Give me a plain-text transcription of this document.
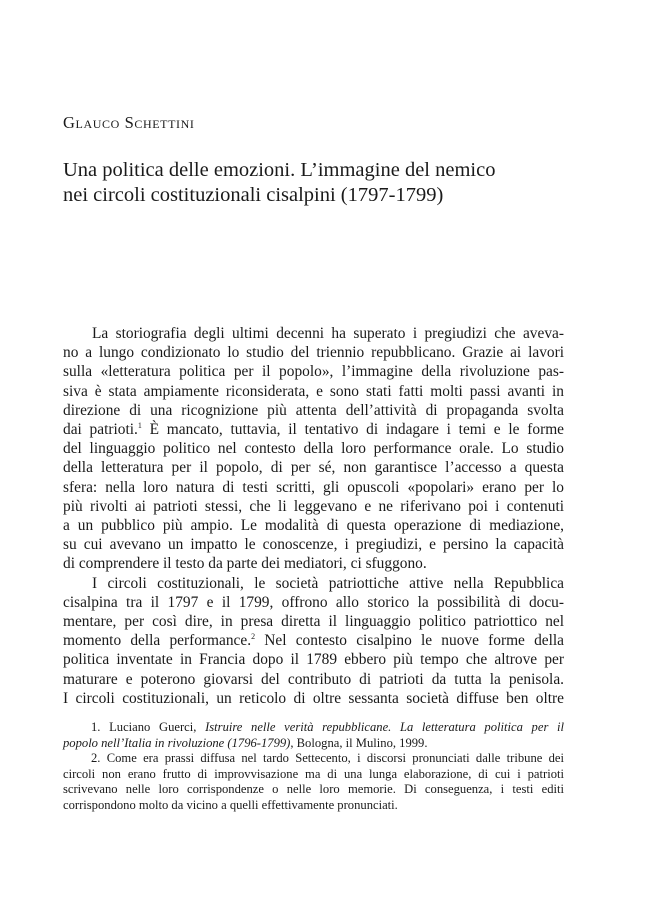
Glauco Schettini
Una politica delle emozioni. L’immagine del nemico
nei circoli costituzionali cisalpini (1797-1799)

La storiografia degli ultimi decenni ha superato i pregiudizi che aveva-
no a lungo condizionato lo studio del triennio repubblicano. Grazie ai lavori
sulla «letteratura politica per il popolo», l’immagine della rivoluzione pas-
siva è stata ampiamente riconsiderata, e sono stati fatti molti passi avanti in
direzione di una ricognizione più attenta dell’attività di propaganda svolta
dai patrioti.$^1$ È mancato, tuttavia, il tentativo di indagare i temi e le forme
del linguaggio politico nel contesto della loro performance orale. Lo studio
della letteratura per il popolo, di per sé, non garantisce l’accesso a questa
sfera: nella loro natura di testi scritti, gli opuscoli «popolari» erano per lo
più rivolti ai patrioti stessi, che li leggevano e ne riferivano poi i contenuti
a un pubblico più ampio. Le modalità di questa operazione di mediazione,
su cui avevano un impatto le conoscenze, i pregiudizi, e persino la capacità
di comprendere il testo da parte dei mediatori, ci sfuggono.

I circoli costituzionali, le società patriottiche attive nella Repubblica
cisalpina tra il 1797 e il 1799, offrono allo storico la possibilità di docu-
mentare, per così dire, in presa diretta il linguaggio politico patriottico nel
momento della performance.$^2$ Nel contesto cisalpino le nuove forme della
politica inventate in Francia dopo il 1789 ebbero più tempo che altrove per
maturare e poterono giovarsi del contributo di patrioti da tutta la penisola.
I circoli costituzionali, un reticolo di oltre sessanta società diffuse ben oltre

1. Luciano Guerci, Istruire nelle verità repubblicane. La letteratura politica per il
popolo nell’Italia in rivoluzione (1796-1799), Bologna, il Mulino, 1999.

2. Come era prassi diffusa nel tardo Settecento, i discorsi pronunciati dalle tribune dei
circoli non erano frutto di improvvisazione ma di una lunga elaborazione, di cui i patrioti
scrivevano nelle loro corrispondenze o nelle loro memorie. Di conseguenza, i testi editi
corrispondono molto da vicino a quelli effettivamente pronunciati.
